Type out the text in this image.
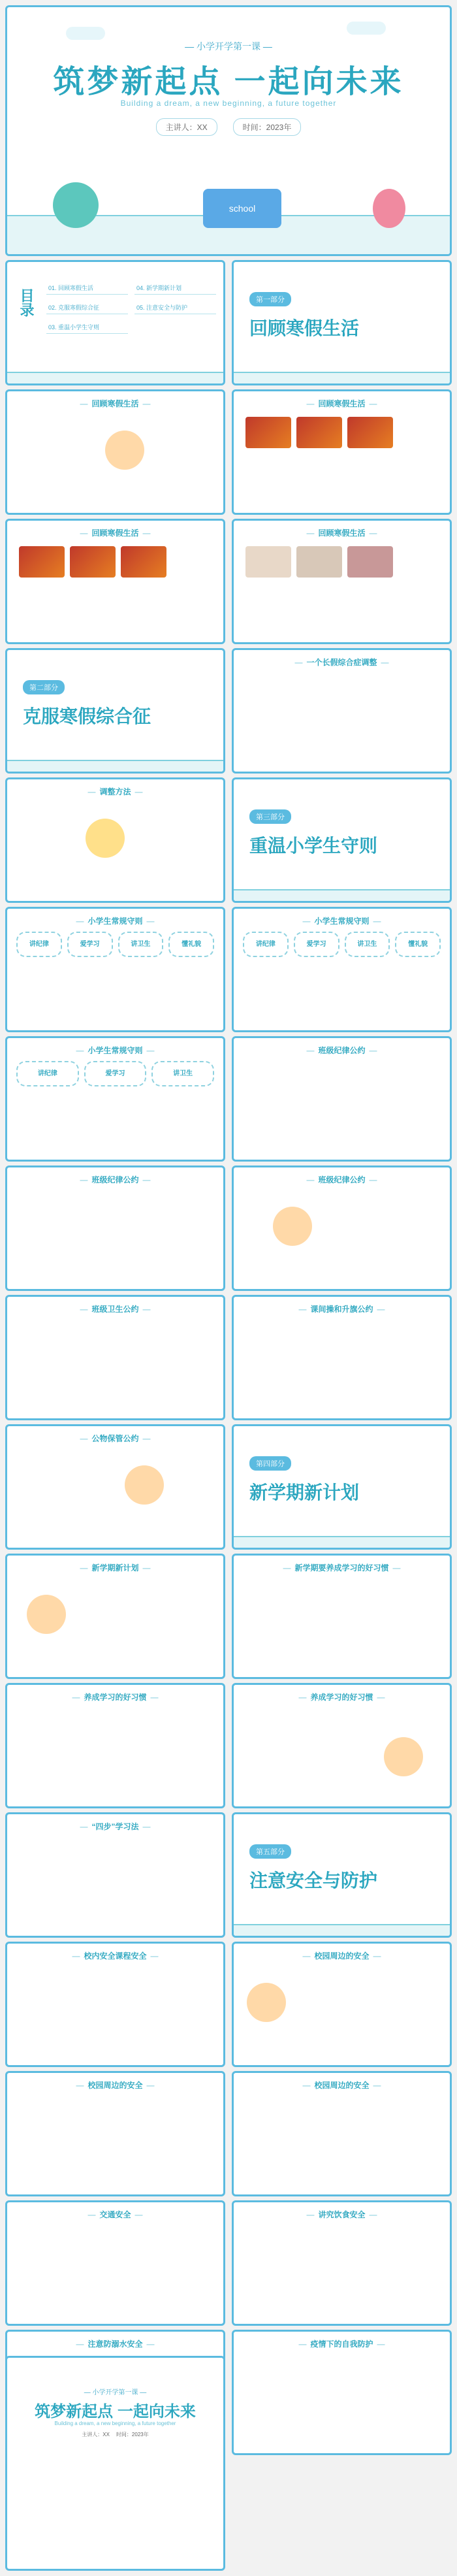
— 小学开学第一课 —
筑梦新起点 一起向未来
Building a dream, a new beginning, a future together
主讲人：XX	时间：2023年
school
目录	01. 回顾寒假生活	04. 新学期新计划
02. 克服寒假综合征	05. 注意安全与防护
03. 重温小学生守则
第一部分
回顾寒假生活
— 回顾寒假生活 —	— 回顾寒假生活 —
— 回顾寒假生活 —	— 回顾寒假生活 —
第二部分
克服寒假综合征
— 一个长假综合症调整 —
— 调整方法 —
第三部分
重温小学生守则
— 小学生常规守则 —
讲纪律	爱学习	讲卫生	懂礼貌
— 小学生常规守则 —
讲纪律	爱学习	讲卫生	懂礼貌
— 小学生常规守则 —
讲纪律	爱学习	讲卫生
— 班级纪律公约 —
— 班级纪律公约 —	— 班级纪律公约 —
— 班级卫生公约 —	— 课间操和升旗公约 —
— 公物保管公约 —
第四部分
新学期新计划
— 新学期新计划 —	— 新学期要养成学习的好习惯 —
— 养成学习的好习惯 —	— 养成学习的好习惯 —
— “四步”学习法 —
第五部分
注意安全与防护
— 校内安全课程安全 —	— 校园周边的安全 —
— 校园周边的安全 —	— 校园周边的安全 —
— 交通安全 —	— 讲究饮食安全 —
— 注意防溺水安全 —	— 疫情下的自我防护 —
— 小学开学第一课 —
筑梦新起点 一起向未来
Building a dream, a new beginning, a future together
主讲人：XX 时间：2023年
